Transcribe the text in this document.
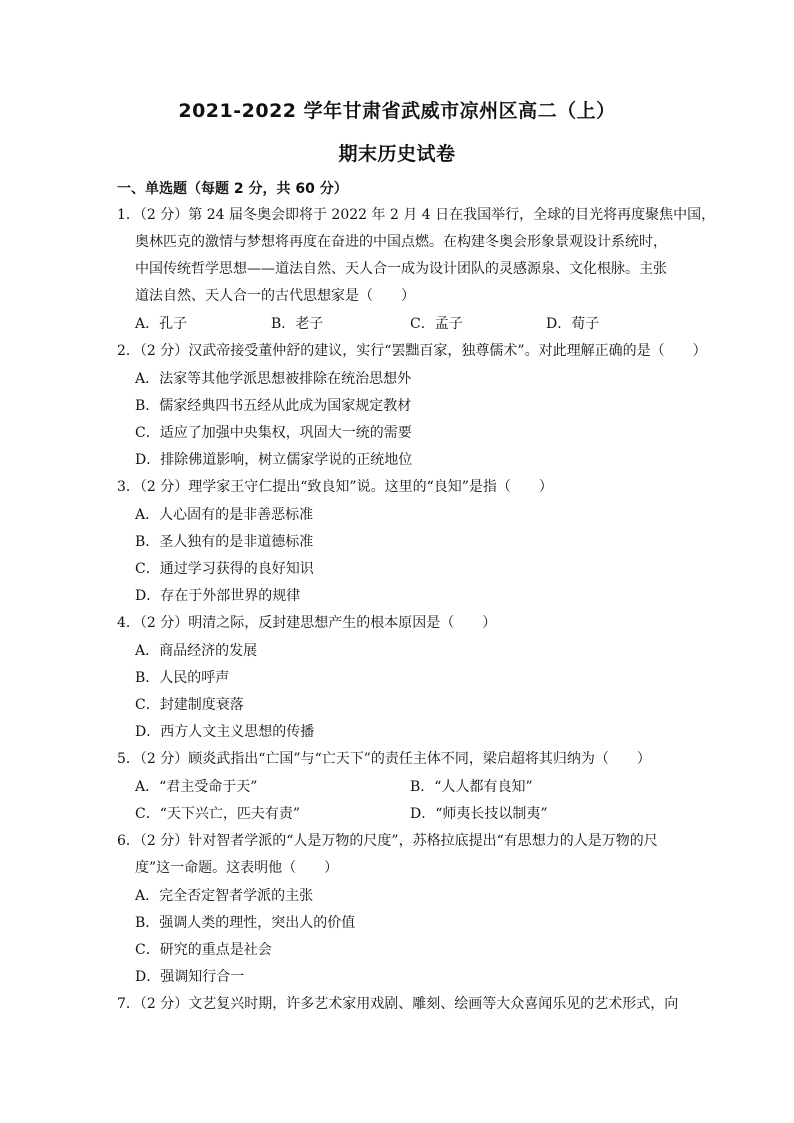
2021-2022 学年甘肃省武威市凉州区高二（上）
期末历史试卷
一、单选题（每题 2 分，共 60 分）
1．（2 分）第 24 届冬奥会即将于 2022 年 2 月 4 日在我国举行，全球的目光将再度聚焦中国，
奥林匹克的激情与梦想将再度在奋进的中国点燃。在构建冬奥会形象景观设计系统时，
中国传统哲学思想——道法自然、天人合一成为设计团队的灵感源泉、文化根脉。主张
道法自然、天人合一的古代思想家是（　　）
A．孔子	B．老子	C．孟子	D．荀子
2．（2 分）汉武帝接受董仲舒的建议，实行“罢黜百家，独尊儒术”。对此理解正确的是（　　）
A．法家等其他学派思想被排除在统治思想外
B．儒家经典四书五经从此成为国家规定教材
C．适应了加强中央集权，巩固大一统的需要
D．排除佛道影响，树立儒家学说的正统地位
3．（2 分）理学家王守仁提出“致良知”说。这里的“良知”是指（　　）
A．人心固有的是非善恶标准
B．圣人独有的是非道德标准
C．通过学习获得的良好知识
D．存在于外部世界的规律
4．（2 分）明清之际，反封建思想产生的根本原因是（　　）
A．商品经济的发展
B．人民的呼声
C．封建制度衰落
D．西方人文主义思想的传播
5．（2 分）顾炎武指出“亡国”与“亡天下”的责任主体不同，梁启超将其归纳为（　　）
A．“君主受命于天”	B．“人人都有良知”
C．“天下兴亡，匹夫有责”	D．“师夷长技以制夷”
6．（2 分）针对智者学派的“人是万物的尺度”，苏格拉底提出“有思想力的人是万物的尺
度”这一命题。这表明他（　　）
A．完全否定智者学派的主张
B．强调人类的理性，突出人的价值
C．研究的重点是社会
D．强调知行合一
7．（2 分）文艺复兴时期，许多艺术家用戏剧、雕刻、绘画等大众喜闻乐见的艺术形式，向
